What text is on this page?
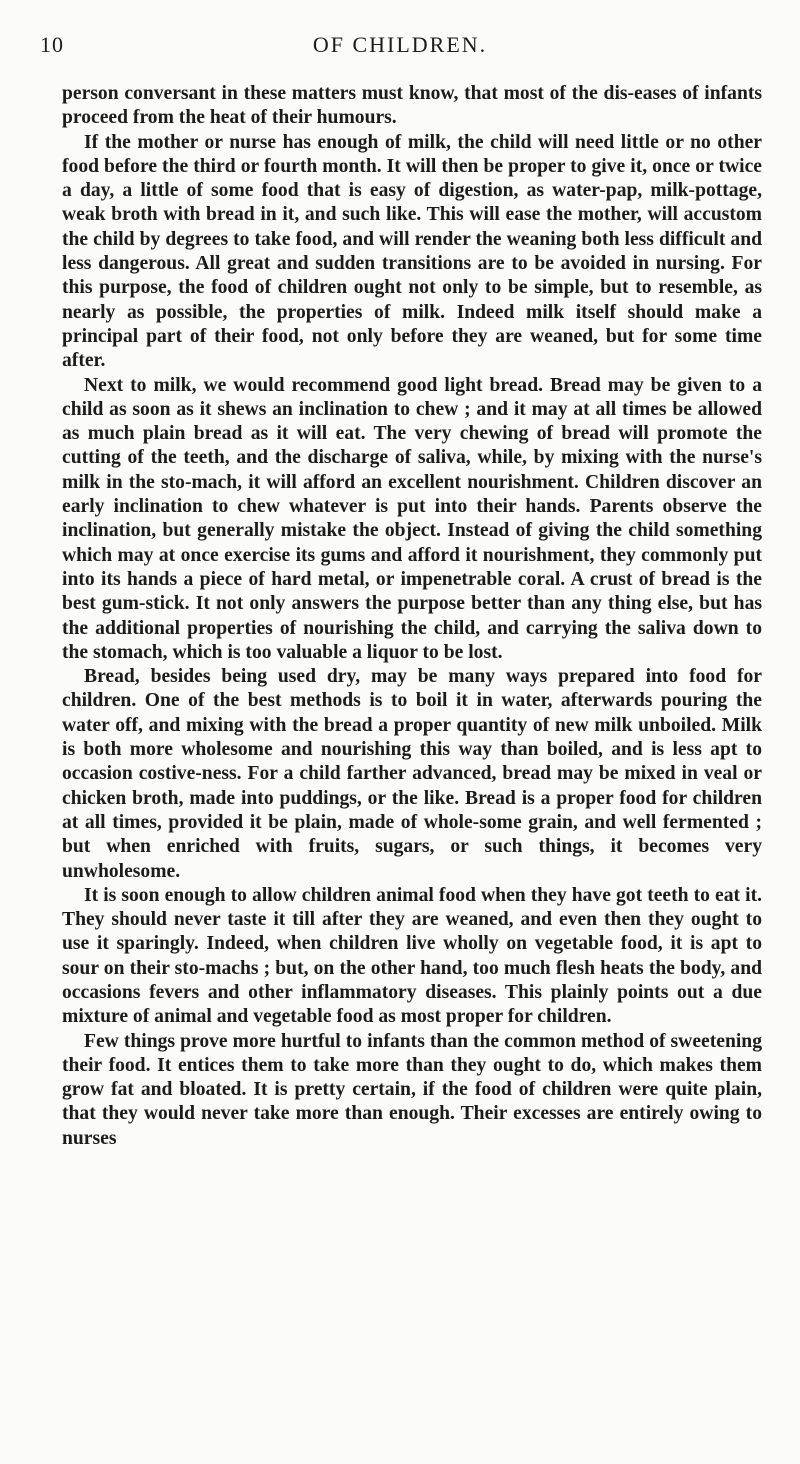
10	OF CHILDREN.

person conversant in these matters must know, that most of the dis-eases of infants proceed from the heat of their humours.

If the mother or nurse has enough of milk, the child will need little or no other food before the third or fourth month. It will then be proper to give it, once or twice a day, a little of some food that is easy of digestion, as water-pap, milk-pottage, weak broth with bread in it, and such like. This will ease the mother, will accustom the child by degrees to take food, and will render the weaning both less difficult and less dangerous. All great and sudden transitions are to be avoided in nursing. For this purpose, the food of children ought not only to be simple, but to resemble, as nearly as possible, the properties of milk. Indeed milk itself should make a principal part of their food, not only before they are weaned, but for some time after.

Next to milk, we would recommend good light bread. Bread may be given to a child as soon as it shews an inclination to chew ; and it may at all times be allowed as much plain bread as it will eat. The very chewing of bread will promote the cutting of the teeth, and the discharge of saliva, while, by mixing with the nurse's milk in the sto-mach, it will afford an excellent nourishment. Children discover an early inclination to chew whatever is put into their hands. Parents observe the inclination, but generally mistake the object. Instead of giving the child something which may at once exercise its gums and afford it nourishment, they commonly put into its hands a piece of hard metal, or impenetrable coral. A crust of bread is the best gum-stick. It not only answers the purpose better than any thing else, but has the additional properties of nourishing the child, and carrying the saliva down to the stomach, which is too valuable a liquor to be lost.

Bread, besides being used dry, may be many ways prepared into food for children. One of the best methods is to boil it in water, afterwards pouring the water off, and mixing with the bread a proper quantity of new milk unboiled. Milk is both more wholesome and nourishing this way than boiled, and is less apt to occasion costive-ness. For a child farther advanced, bread may be mixed in veal or chicken broth, made into puddings, or the like. Bread is a proper food for children at all times, provided it be plain, made of whole-some grain, and well fermented ; but when enriched with fruits, sugars, or such things, it becomes very unwholesome.

It is soon enough to allow children animal food when they have got teeth to eat it. They should never taste it till after they are weaned, and even then they ought to use it sparingly. Indeed, when children live wholly on vegetable food, it is apt to sour on their sto-machs ; but, on the other hand, too much flesh heats the body, and occasions fevers and other inflammatory diseases. This plainly points out a due mixture of animal and vegetable food as most proper for children.

Few things prove more hurtful to infants than the common method of sweetening their food. It entices them to take more than they ought to do, which makes them grow fat and bloated. It is pretty certain, if the food of children were quite plain, that they would never take more than enough. Their excesses are entirely owing to nurses
